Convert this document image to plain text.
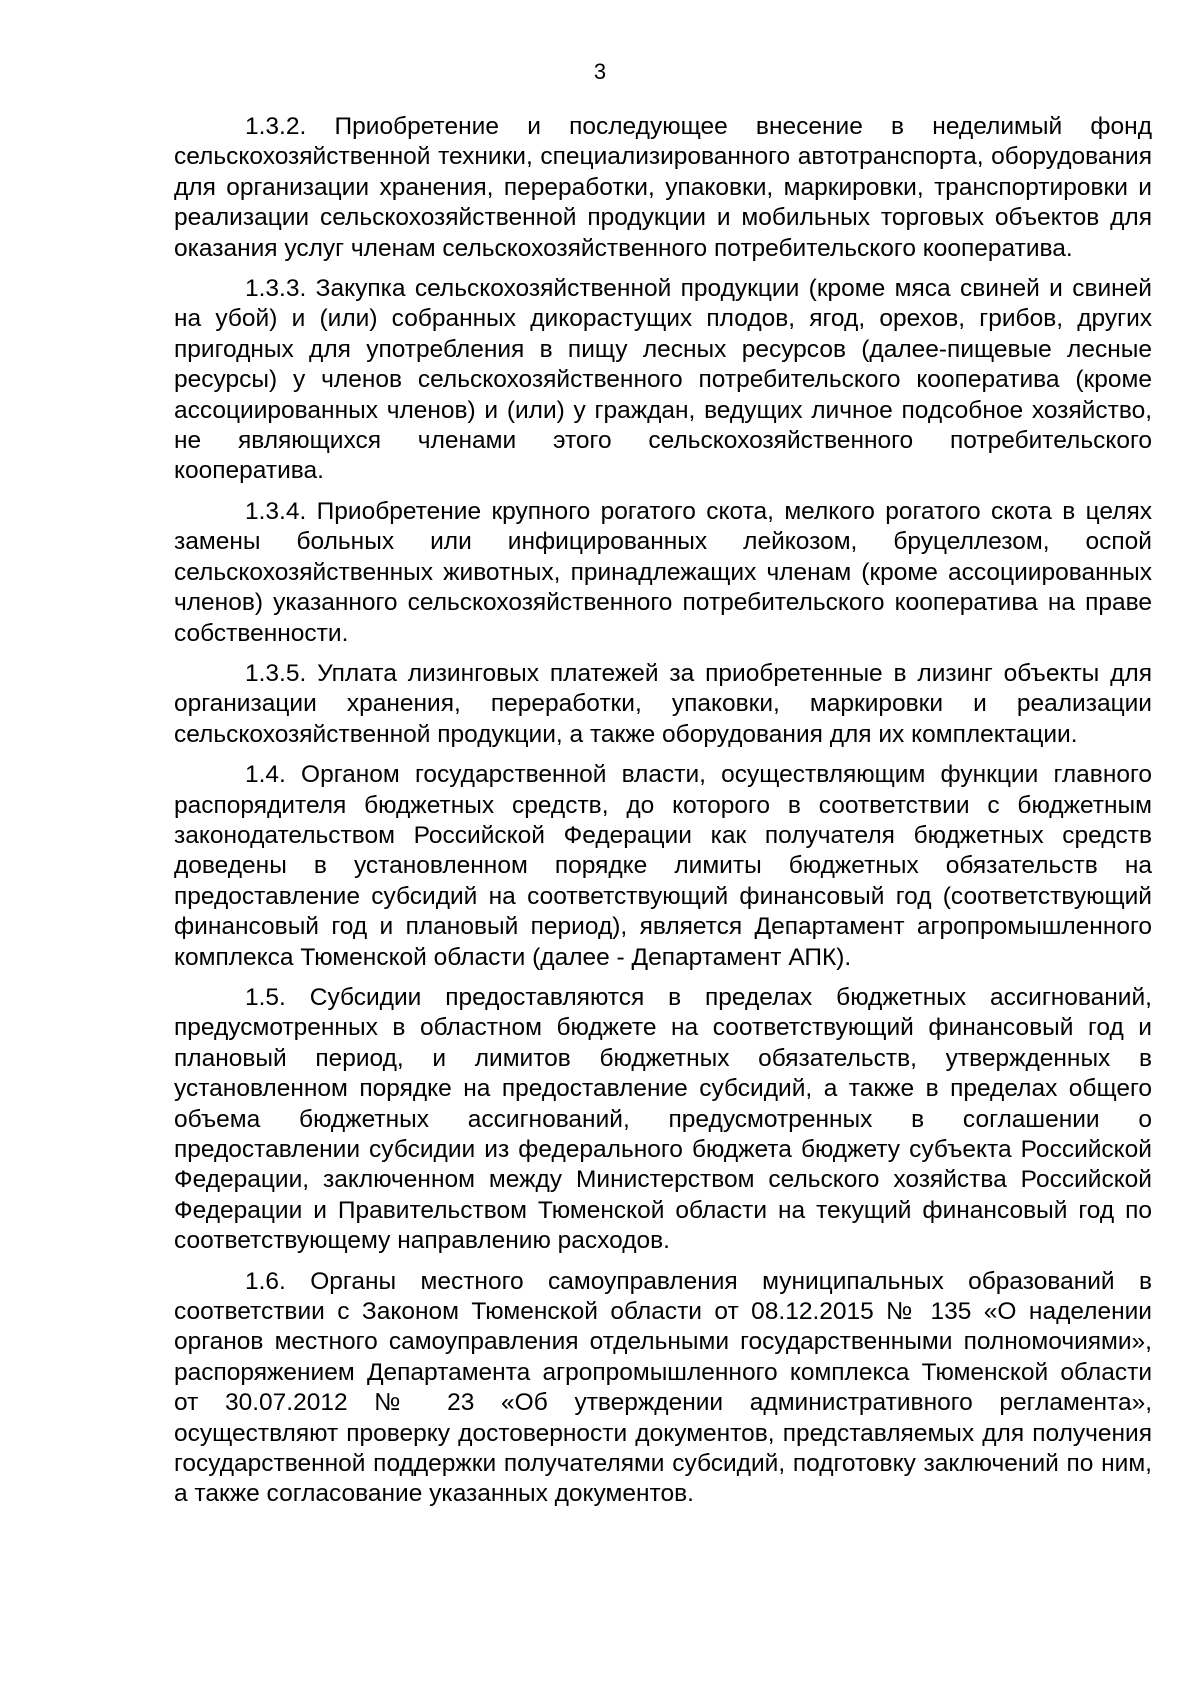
3

1.3.2. Приобретение и последующее внесение в неделимый фонд сельскохозяйственной техники, специализированного автотранспорта, оборудования для организации хранения, переработки, упаковки, маркировки, транспортировки и реализации сельскохозяйственной продукции и мобильных торговых объектов для оказания услуг членам сельскохозяйственного потребительского кооператива.

1.3.3. Закупка сельскохозяйственной продукции (кроме мяса свиней и свиней на убой) и (или) собранных дикорастущих плодов, ягод, орехов, грибов, других пригодных для употребления в пищу лесных ресурсов (далее-пищевые лесные ресурсы) у членов сельскохозяйственного потребительского кооператива (кроме ассоциированных членов) и (или) у граждан, ведущих личное подсобное хозяйство, не являющихся членами этого сельскохозяйственного потребительского кооператива.

1.3.4. Приобретение крупного рогатого скота, мелкого рогатого скота в целях замены больных или инфицированных лейкозом, бруцеллезом, оспой сельскохозяйственных животных, принадлежащих членам (кроме ассоциированных членов) указанного сельскохозяйственного потребительского кооператива на праве собственности.

1.3.5. Уплата лизинговых платежей за приобретенные в лизинг объекты для организации хранения, переработки, упаковки, маркировки и реализации сельскохозяйственной продукции, а также оборудования для их комплектации.

1.4. Органом государственной власти, осуществляющим функции главного распорядителя бюджетных средств, до которого в соответствии с бюджетным законодательством Российской Федерации как получателя бюджетных средств доведены в установленном порядке лимиты бюджетных обязательств на предоставление субсидий на соответствующий финансовый год (соответствующий финансовый год и плановый период), является Департамент агропромышленного комплекса Тюменской области (далее - Департамент АПК).

1.5. Субсидии предоставляются в пределах бюджетных ассигнований, предусмотренных в областном бюджете на соответствующий финансовый год и плановый период, и лимитов бюджетных обязательств, утвержденных в установленном порядке на предоставление субсидий, а также в пределах общего объема бюджетных ассигнований, предусмотренных в соглашении о предоставлении субсидии из федерального бюджета бюджету субъекта Российской Федерации, заключенном между Министерством сельского хозяйства Российской Федерации и Правительством Тюменской области на текущий финансовый год по соответствующему направлению расходов.

1.6. Органы местного самоуправления муниципальных образований в соответствии с Законом Тюменской области от 08.12.2015 № 135 «О наделении органов местного самоуправления отдельными государственными полномочиями», распоряжением Департамента агропромышленного комплекса Тюменской области от 30.07.2012 № 23 «Об утверждении административного регламента», осуществляют проверку достоверности документов, представляемых для получения государственной поддержки получателями субсидий, подготовку заключений по ним, а также согласование указанных документов.
